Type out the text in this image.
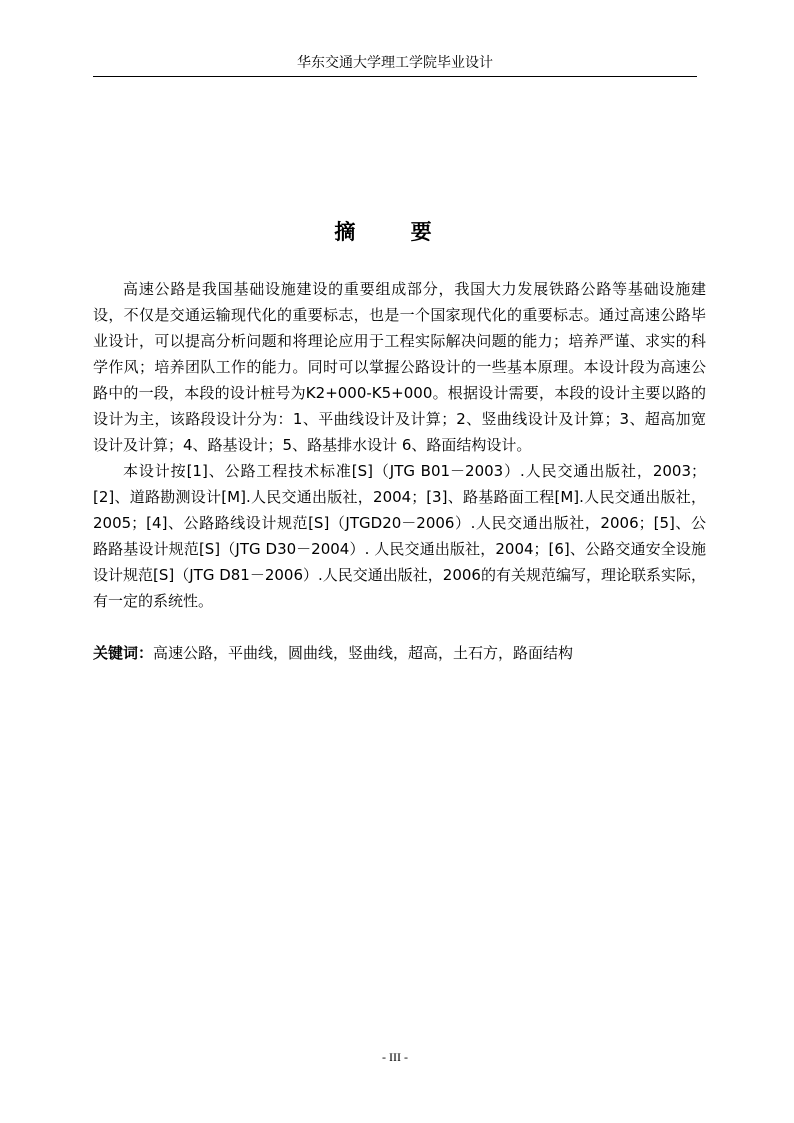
华东交通大学理工学院毕业设计
摘 要

高速公路是我国基础设施建设的重要组成部分，我国大力发展铁路公路等基础设施建设，不仅是交通运输现代化的重要标志，也是一个国家现代化的重要标志。通过高速公路毕业设计，可以提高分析问题和将理论应用于工程实际解决问题的能力；培养严谨、求实的科学作风；培养团队工作的能力。同时可以掌握公路设计的一些基本原理。本设计段为高速公路中的一段，本段的设计桩号为K2+000-K5+000。根据设计需要，本段的设计主要以路的设计为主，该路段设计分为：1、平曲线设计及计算；2、竖曲线设计及计算；3、超高加宽设计及计算；4、路基设计；5、路基排水设计 6、路面结构设计。

本设计按[1]、公路工程技术标准[S]（JTG B01－2003）.人民交通出版社，2003；[2]、道路勘测设计[M].人民交通出版社，2004；[3]、路基路面工程[M].人民交通出版社，2005；[4]、公路路线设计规范[S]（JTGD20－2006）.人民交通出版社，2006；[5]、公路路基设计规范[S]（JTG D30－2004）. 人民交通出版社，2004；[6]、公路交通安全设施设计规范[S]（JTG D81－2006）.人民交通出版社，2006的有关规范编写，理论联系实际，有一定的系统性。

关键词：高速公路，平曲线，圆曲线，竖曲线，超高，土石方，路面结构
- III -
